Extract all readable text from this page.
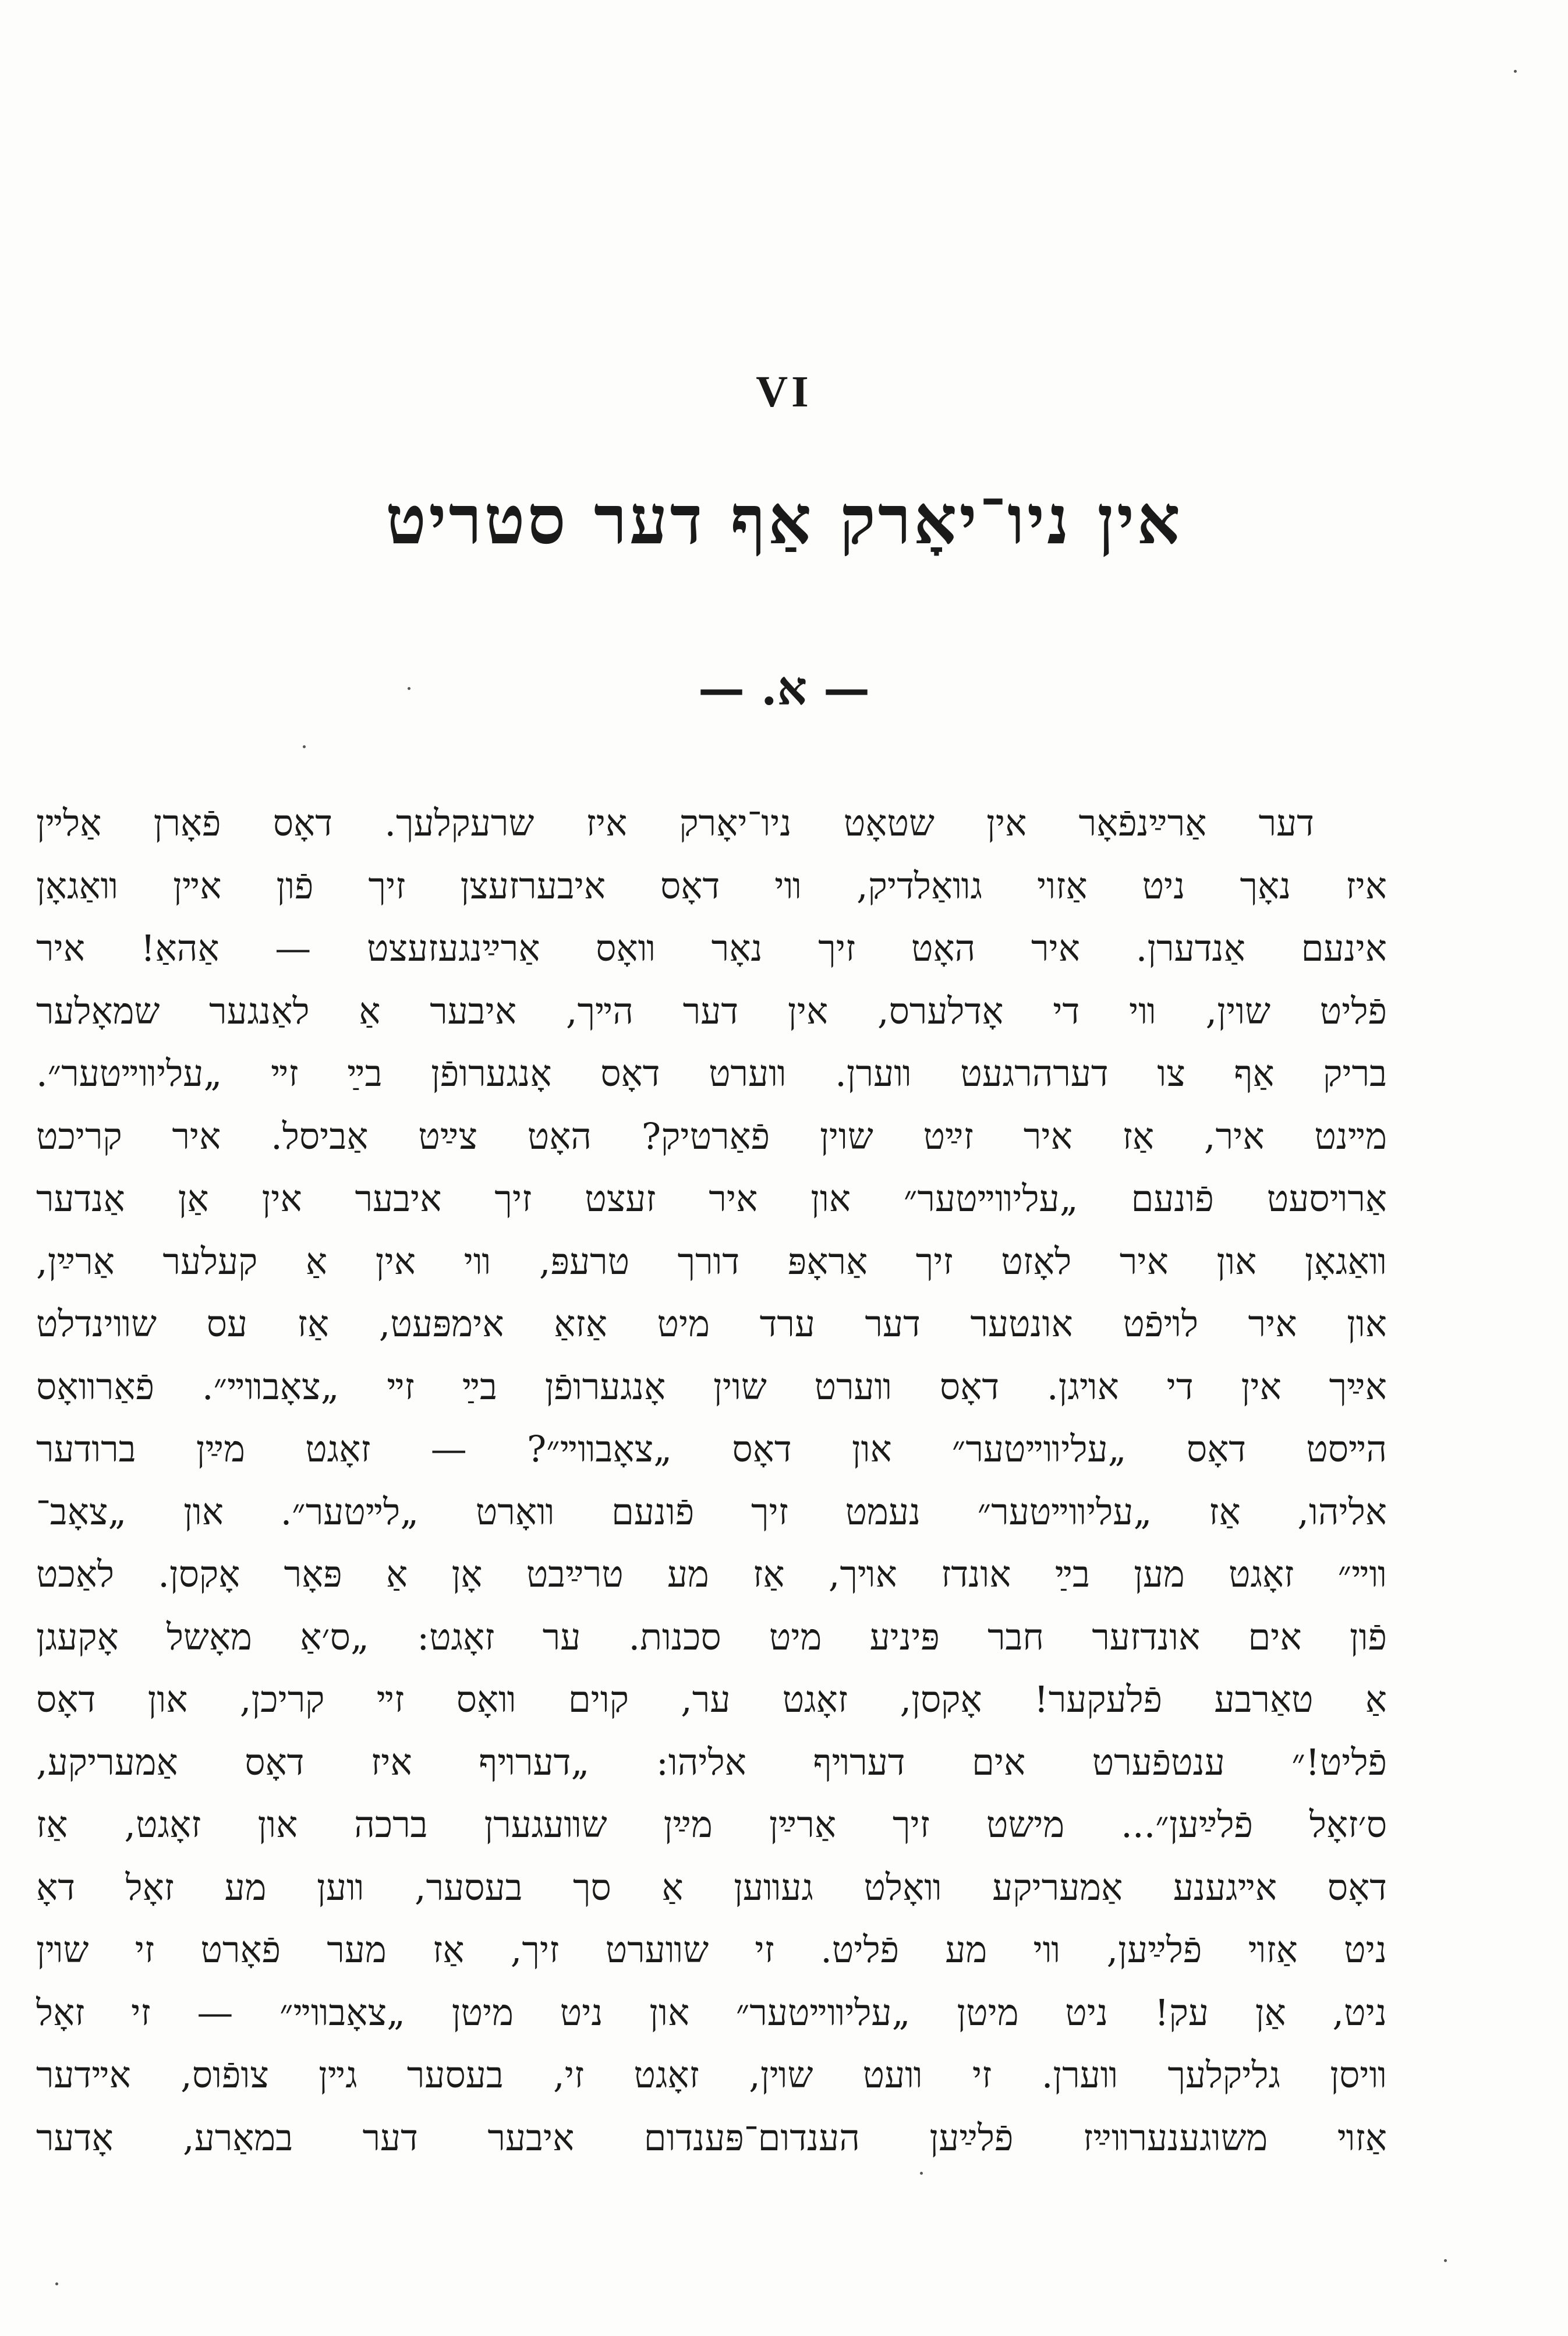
VI
אין ניו־יאָרק אַף דער סטריט
— א. —
דער אַרײַנפֿאָר אין שטאָט ניו־יאָרק איז שרעקלעך. דאָס פֿאָרן אַלײן
איז נאָך ניט אַזוי גװאַלדיק, װי דאָס איבערזעצן זיך פֿון אײן װאַגאָן
אינעם אַנדערן. איר האָט זיך נאָר װאָס אַרײַנגעזעצט — אַהאַ! איר
פֿליט שוין, װי די אָדלערס, אין דער הײך, איבער אַ לאַנגער שמאָלער
בריק אַף צו דערהרגעט װערן. װערט דאָס אָנגערופֿן בײַ זײ „עליװײטער״.
מײנט איר, אַז איר זײַט שוין פֿאַרטיק? האָט צײַט אַביסל. איר קריכט
אַרױסעט פֿונעם „עליװײטער״ און איר זעצט זיך איבער אין אַן אַנדער
װאַגאָן און איר לאָזט זיך אַראָפּ דורך טרעפּ, װי אין אַ קעלער אַרײַן,
און איר לױפֿט אונטער דער ערד מיט אַזאַ אימפּעט, אַז עס שװינדלט
אײַך אין די אױגן. דאָס װערט שוין אָנגערופֿן בײַ זײ „צאָבװײ״. פֿאַרװאָס
הײסט דאָס „עליװײטער״ און דאָס „צאָבװײ״? — זאָגט מײַן ברודער
אליהו, אַז „עליװײטער״ נעמט זיך פֿונעם װאָרט „לײטער״. און „צאָב־
װײ״ זאָגט מען בײַ אונדז אױך, אַז מע טרײַבט אָן אַ פּאָר אָקסן. לאַכט
פֿון אים אונדזער חבר פּיניע מיט סכנות. ער זאָגט: „ס׳אַ מאָשל אָקעגן
אַ טאַרבע פֿלעקער! אָקסן, זאָגט ער, קוים װאָס זײ קריכן, און דאָס
פֿליט!״ ענטפֿערט אים דערױף אליהו: „דערױף איז דאָס אַמעריקע,
ס׳זאָל פֿלײַען״... מישט זיך אַרײַן מײַן שװעגערן ברכה און זאָגט, אַז
דאָס אײגענע אַמעריקע װאָלט געװען אַ סך בעסער, װען מע זאָל דאָ
ניט אַזױ פֿלײַען, װי מע פֿליט. זי שװערט זיך, אַז מער פֿאָרט זי שױן
ניט, אַן עק! ניט מיטן „עליװײטער״ און ניט מיטן „צאָבװײ״ — זי זאָל
װיסן גליקלעך װערן. זי װעט שױן, זאָגט זי, בעסער גײן צופֿוס, אײדער
אַזױ משוגענערװײַז פֿלײַען הענדום־פּענדום איבער דער במאַרע, אָדער
